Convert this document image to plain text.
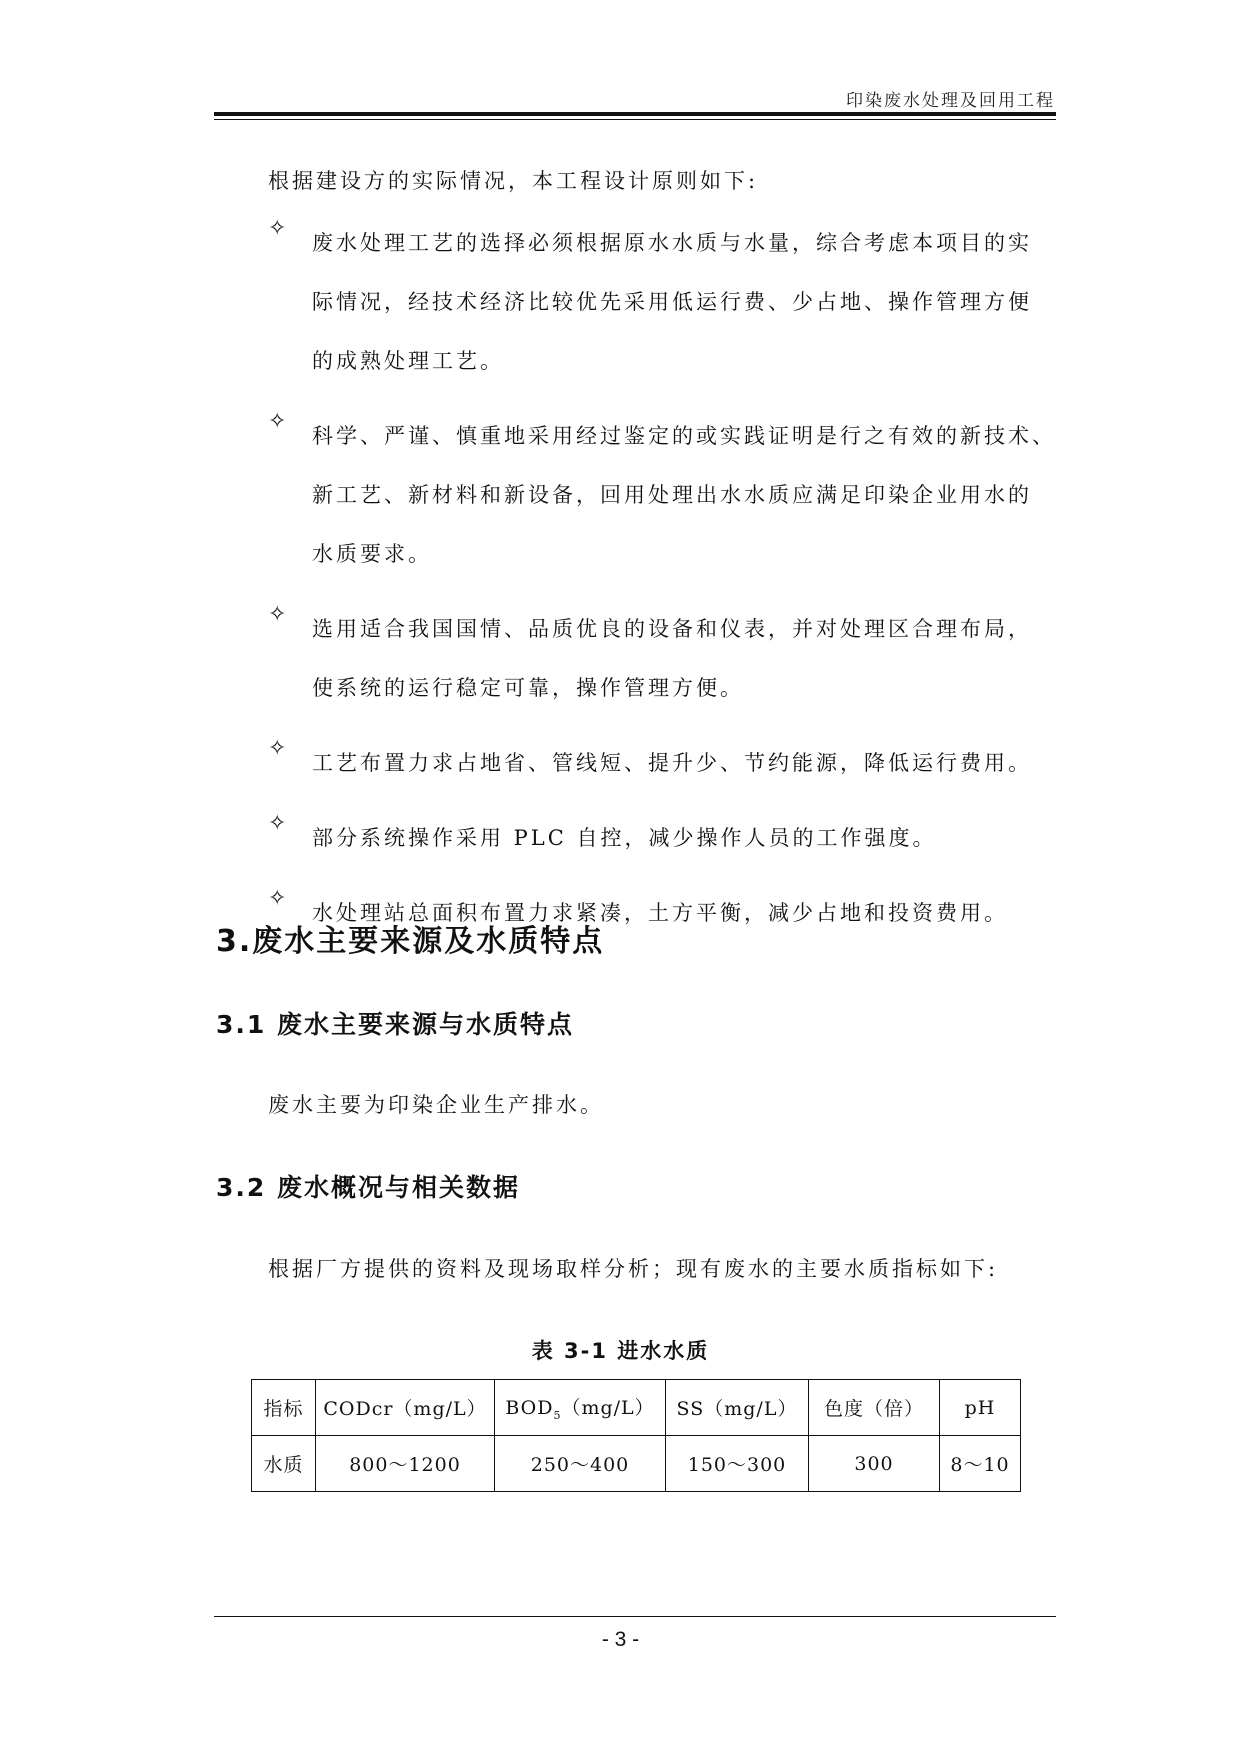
印染废水处理及回用工程
根据建设方的实际情况，本工程设计原则如下:
✧
废水处理工艺的选择必须根据原水水质与水量，综合考虑本项目的实
际情况，经技术经济比较优先采用低运行费、少占地、操作管理方便
的成熟处理工艺。
✧
科学、严谨、慎重地采用经过鉴定的或实践证明是行之有效的新技术、
新工艺、新材料和新设备，回用处理出水水质应满足印染企业用水的
水质要求。
✧
选用适合我国国情、品质优良的设备和仪表，并对处理区合理布局，
使系统的运行稳定可靠，操作管理方便。
✧
工艺布置力求占地省、管线短、提升少、节约能源，降低运行费用。
✧
部分系统操作采用 PLC 自控，减少操作人员的工作强度。
✧
水处理站总面积布置力求紧凑，土方平衡，减少占地和投资费用。
3.废水主要来源及水质特点
3.1 废水主要来源与水质特点
废水主要为印染企业生产排水。
3.2 废水概况与相关数据
根据厂方提供的资料及现场取样分析；现有废水的主要水质指标如下:
表 3-1 进水水质
指标	CODcr（mg/L）	$BOD_5(mg/L)$	SS（mg/L）	色度（倍）	pH
水质	800～1200	250～400	150～300	300	8～10
- 3 -
